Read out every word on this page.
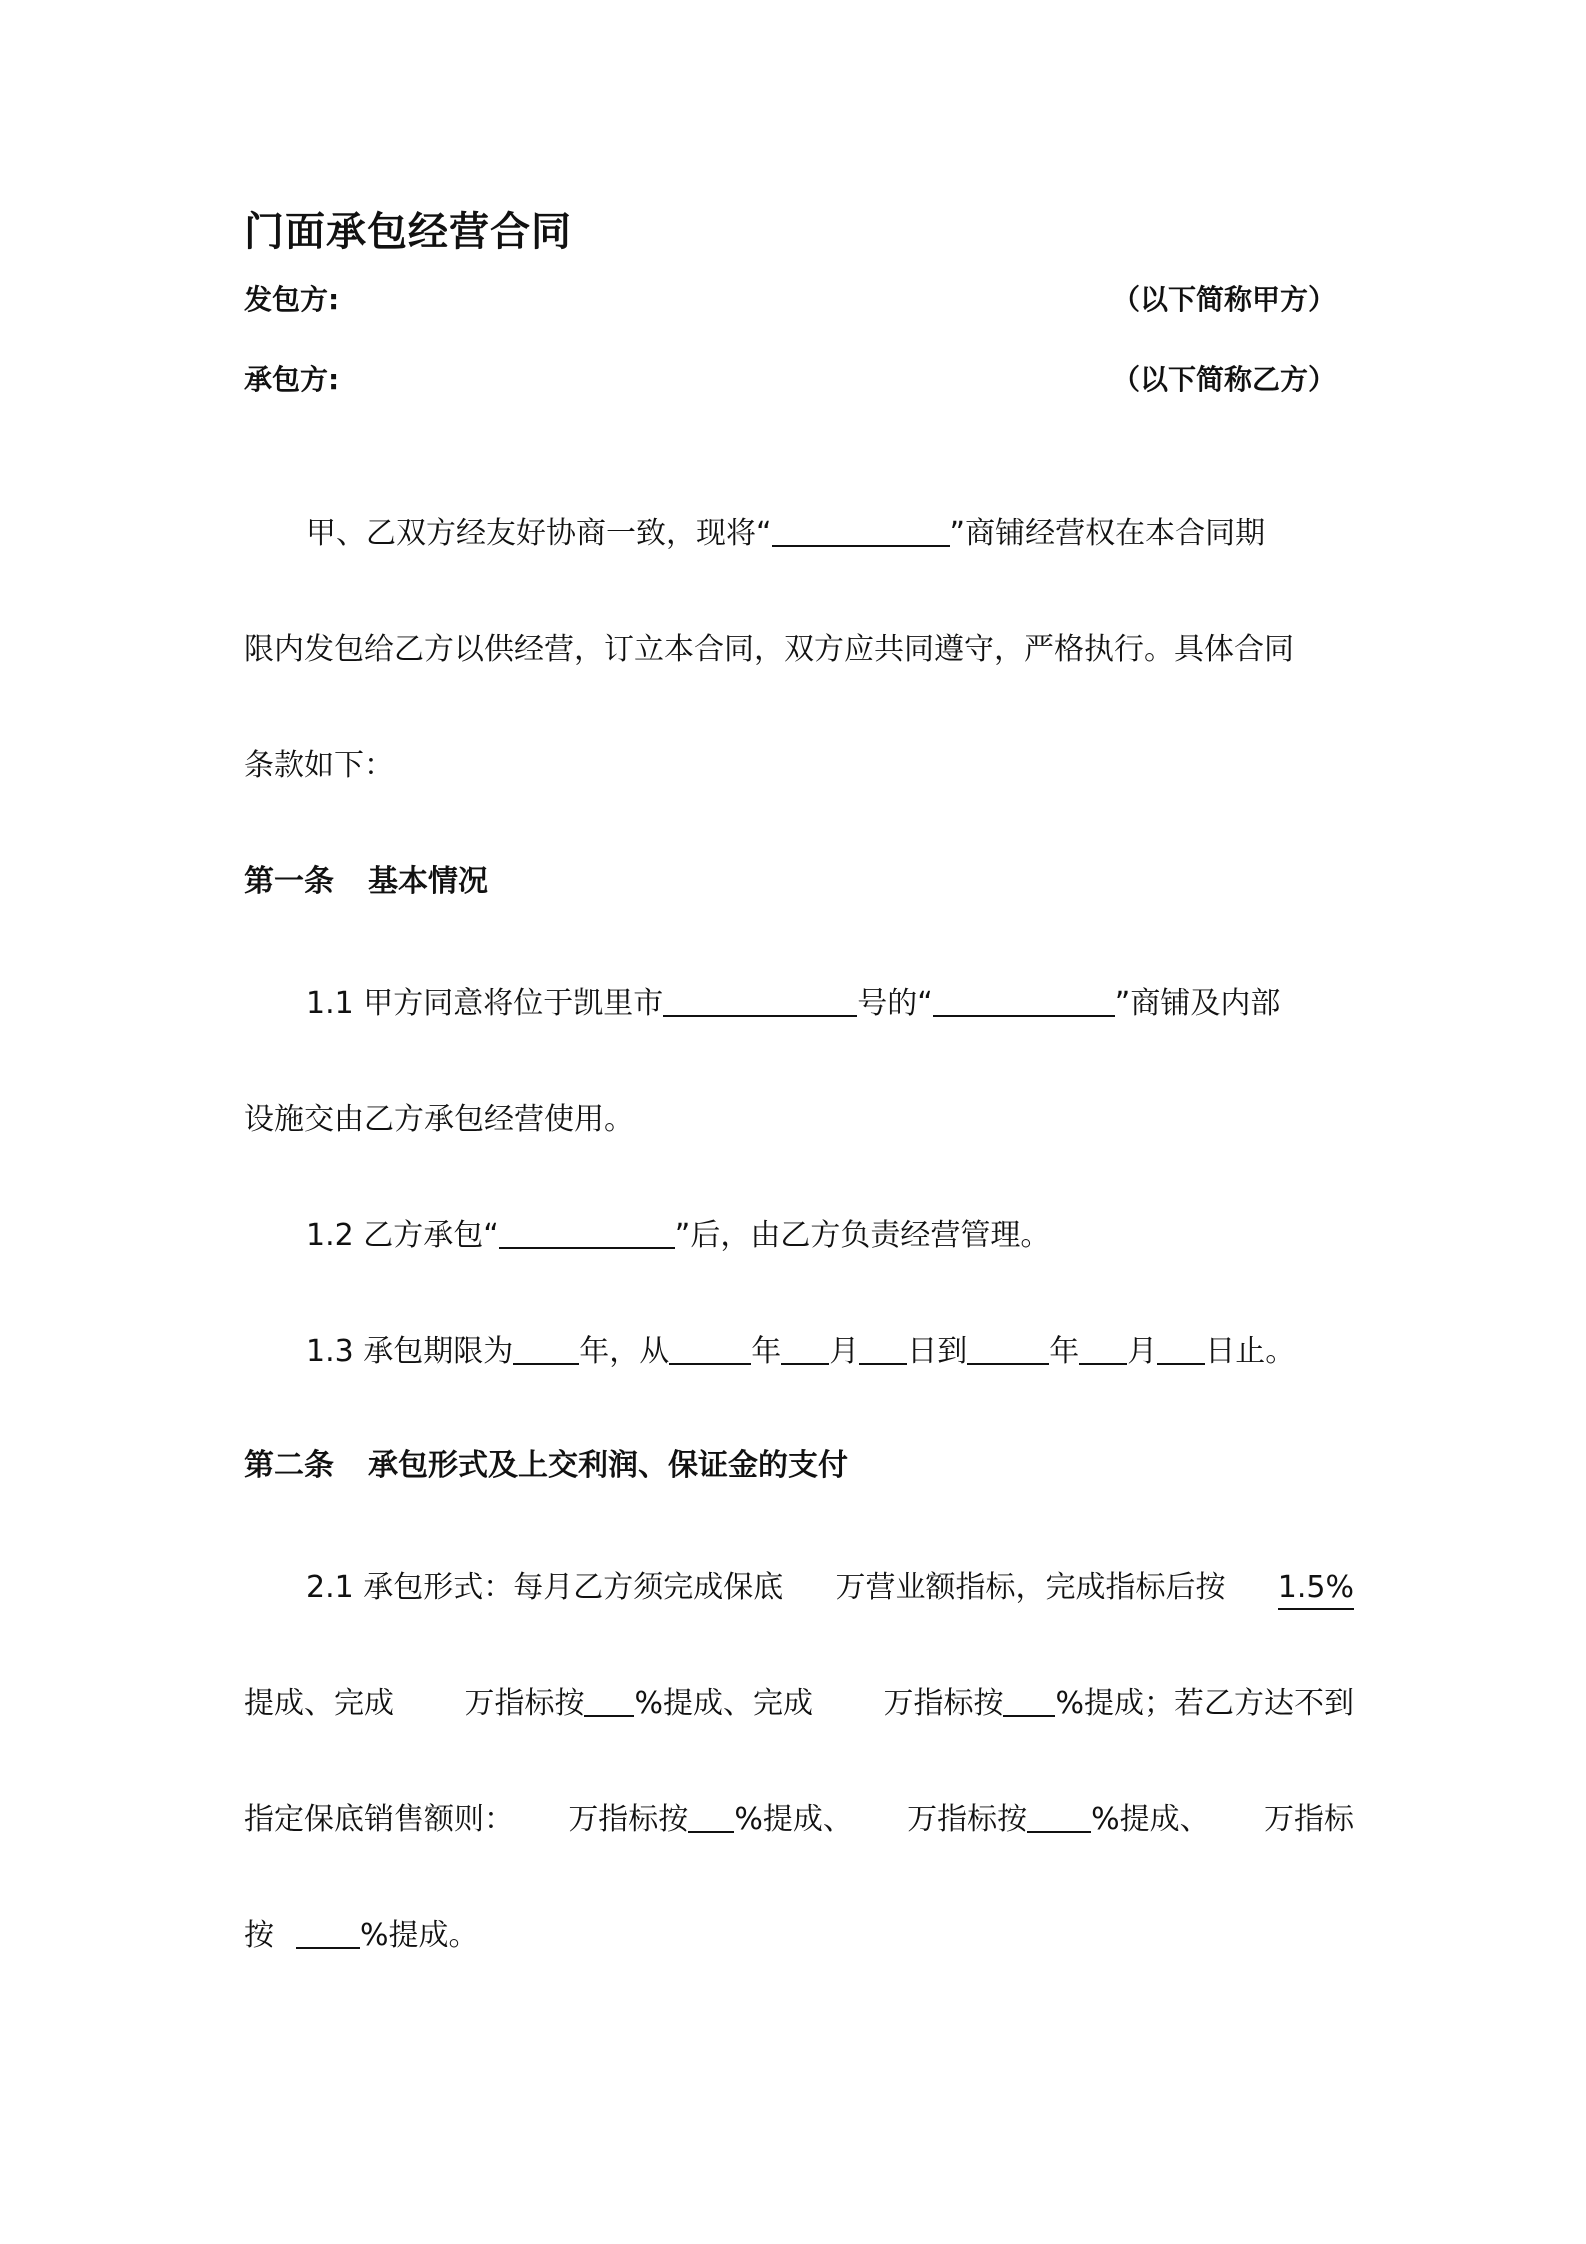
门面承包经营合同
发包方:	（以下简称甲方）
承包方:	（以下简称乙方）
甲、乙双方经友好协商一致，现将“	”商铺经营权在本合同期
限内发包给乙方以供经营，订立本合同，双方应共同遵守，严格执行。具体合同
条款如下：
第一条 基本情况
1.1 甲方同意将位于凯里市	号的“	”商铺及内部
设施交由乙方承包经营使用。
1.2 乙方承包“	”后，由乙方负责经营管理。
1.3 承包期限为 年，从	年 月 日到	年 月 日止。
第二条 承包形式及上交利润、保证金的支付
2.1 承包形式：每月乙方须完成保底 万营业额指标，完成指标后按 1.5%
提成、完成 万指标按 %提成、完成 万指标按 %提成；若乙方达不到
指定保底销售额则： 万指标按 %提成、 万指标按 %提成、 万指标
按	%提成。
